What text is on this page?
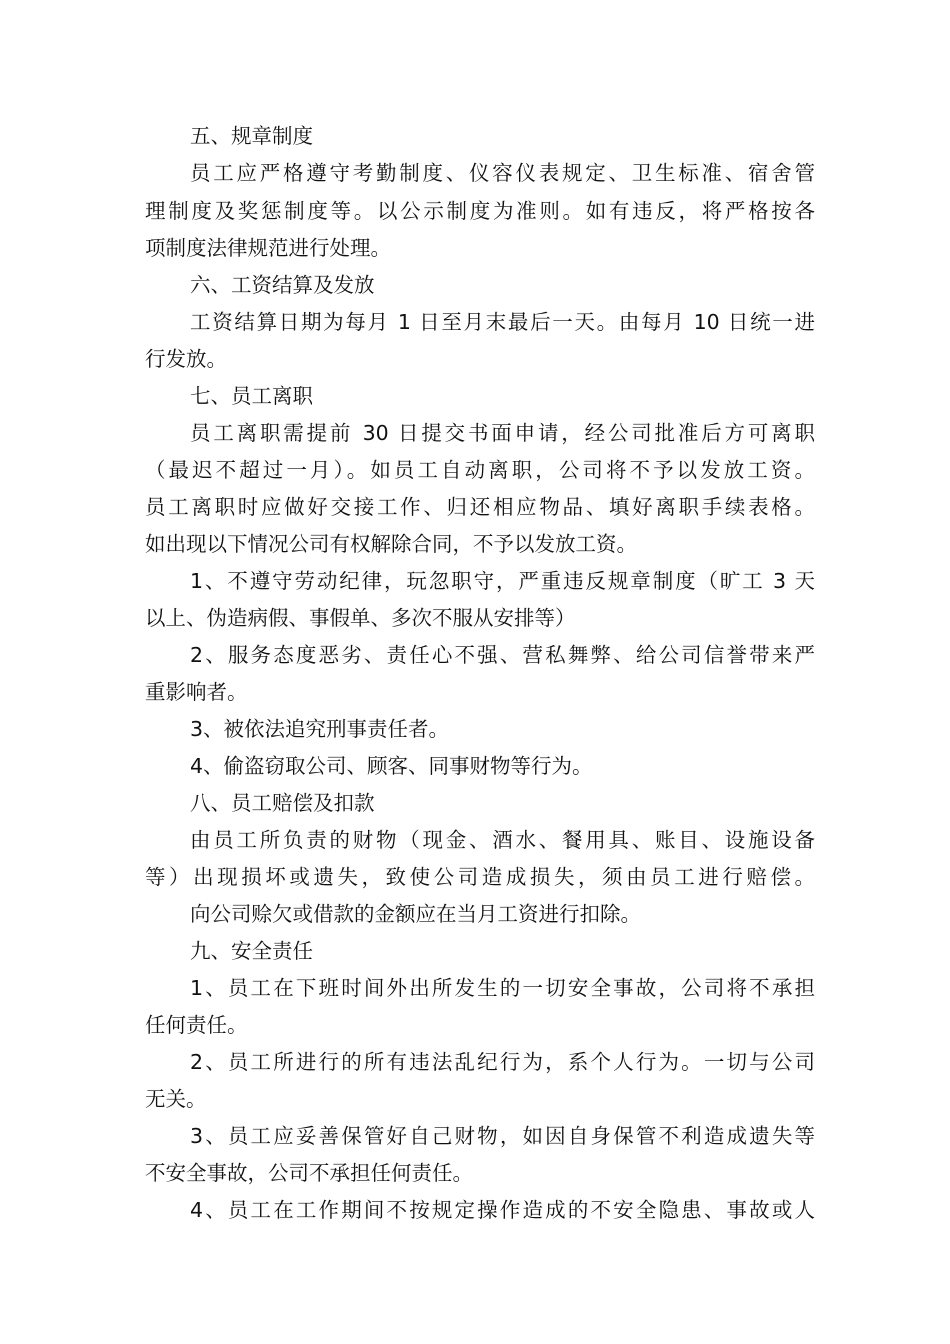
五、规章制度
员工应严格遵守考勤制度、仪容仪表规定、卫生标准、宿舍管
理制度及奖惩制度等。以公示制度为准则。如有违反，将严格按各
项制度法律规范进行处理。
六、工资结算及发放
工资结算日期为每月 1 日至月末最后一天。由每月 10 日统一进
行发放。
七、员工离职
员工离职需提前 30 日提交书面申请，经公司批准后方可离职
（最迟不超过一月）。如员工自动离职，公司将不予以发放工资。
员工离职时应做好交接工作、归还相应物品、填好离职手续表格。
如出现以下情况公司有权解除合同，不予以发放工资。
1、不遵守劳动纪律，玩忽职守，严重违反规章制度（旷工 3 天
以上、伪造病假、事假单、多次不服从安排等）
2、服务态度恶劣、责任心不强、营私舞弊、给公司信誉带来严
重影响者。
3、被依法追究刑事责任者。
4、偷盗窃取公司、顾客、同事财物等行为。
八、员工赔偿及扣款
由员工所负责的财物（现金、酒水、餐用具、账目、设施设备
等）出现损坏或遗失，致使公司造成损失，须由员工进行赔偿。
向公司赊欠或借款的金额应在当月工资进行扣除。
九、安全责任
1、员工在下班时间外出所发生的一切安全事故，公司将不承担
任何责任。
2、员工所进行的所有违法乱纪行为，系个人行为。一切与公司
无关。
3、员工应妥善保管好自己财物，如因自身保管不利造成遗失等
不安全事故，公司不承担任何责任。
4、员工在工作期间不按规定操作造成的不安全隐患、事故或人
